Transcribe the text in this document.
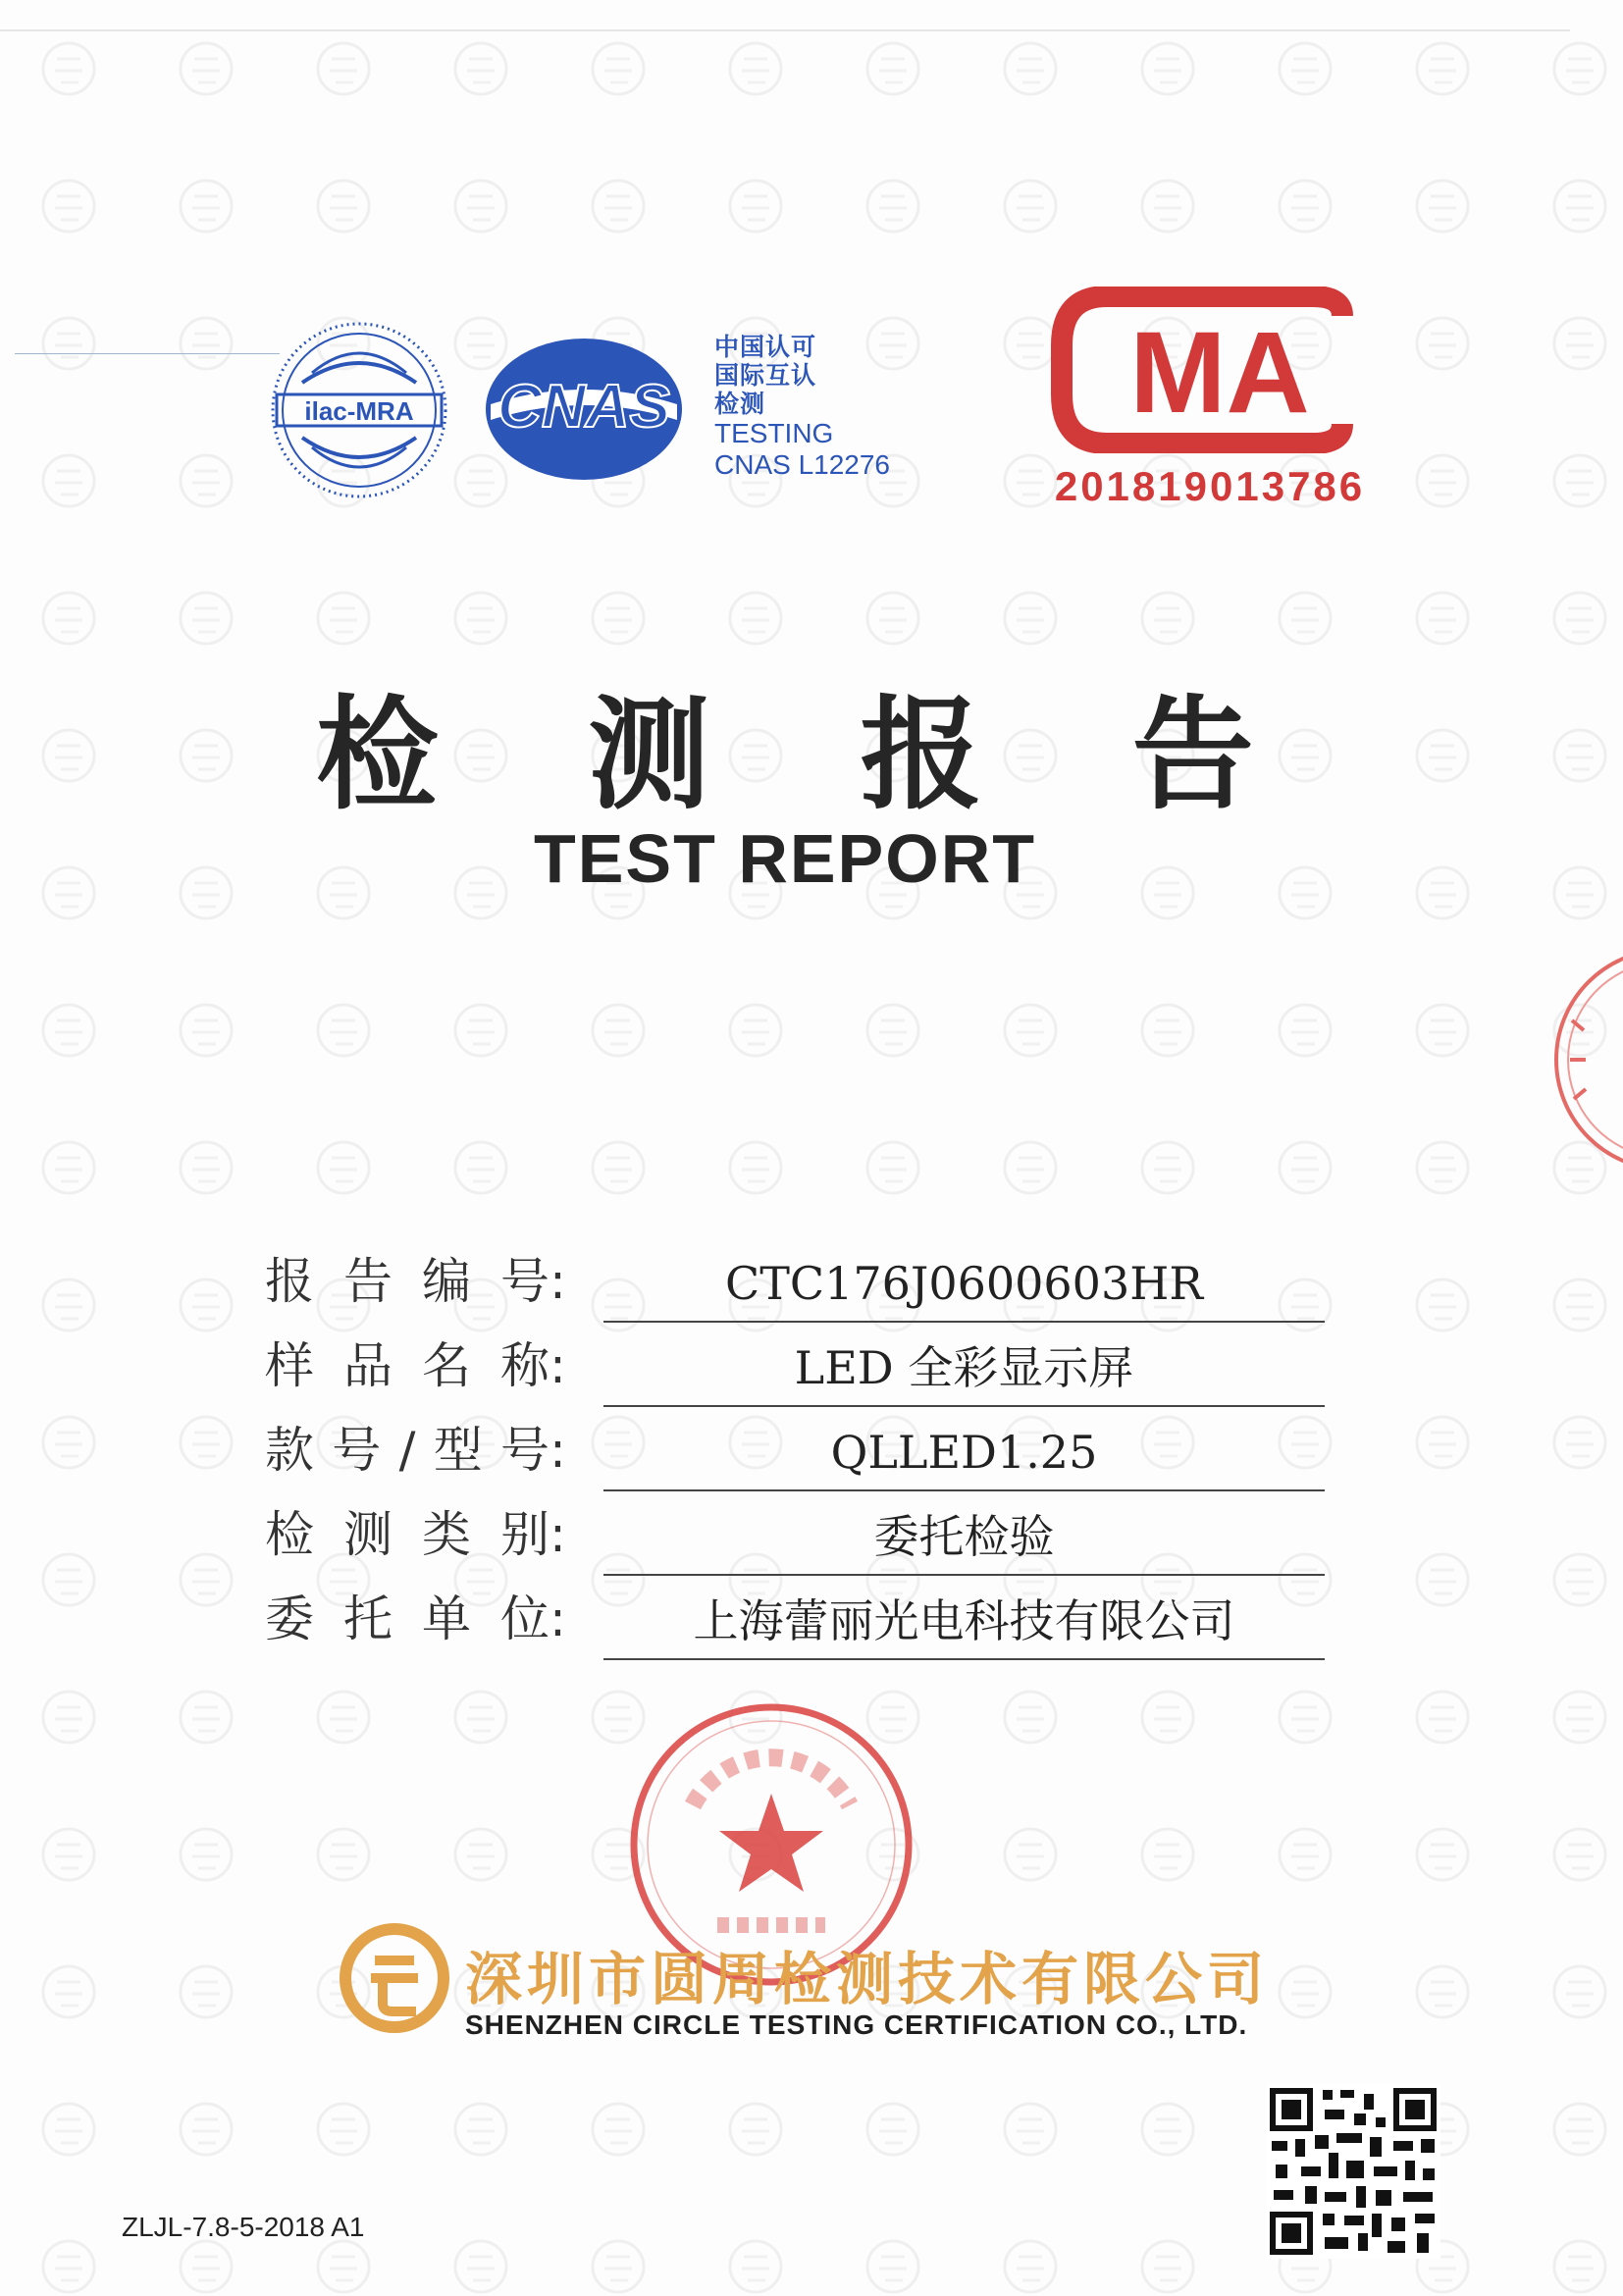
ilac-MRA CNAS
中国认可
国际互认
检测
TESTING
CNAS L12276
MA
201819013786
检 测 报 告
TEST REPORT
报告编号 :	CTC176J0600603HR
样品名称 :	LED 全彩显示屏
款号/型号 :	QLLED1.25
检测类别 :	委托检验
委托单位 :	上海蕾丽光电科技有限公司
深圳市圆周检测技术有限公司
SHENZHEN CIRCLE TESTING CERTIFICATION CO., LTD.
ZLJL-7.8-5-2018 A1
